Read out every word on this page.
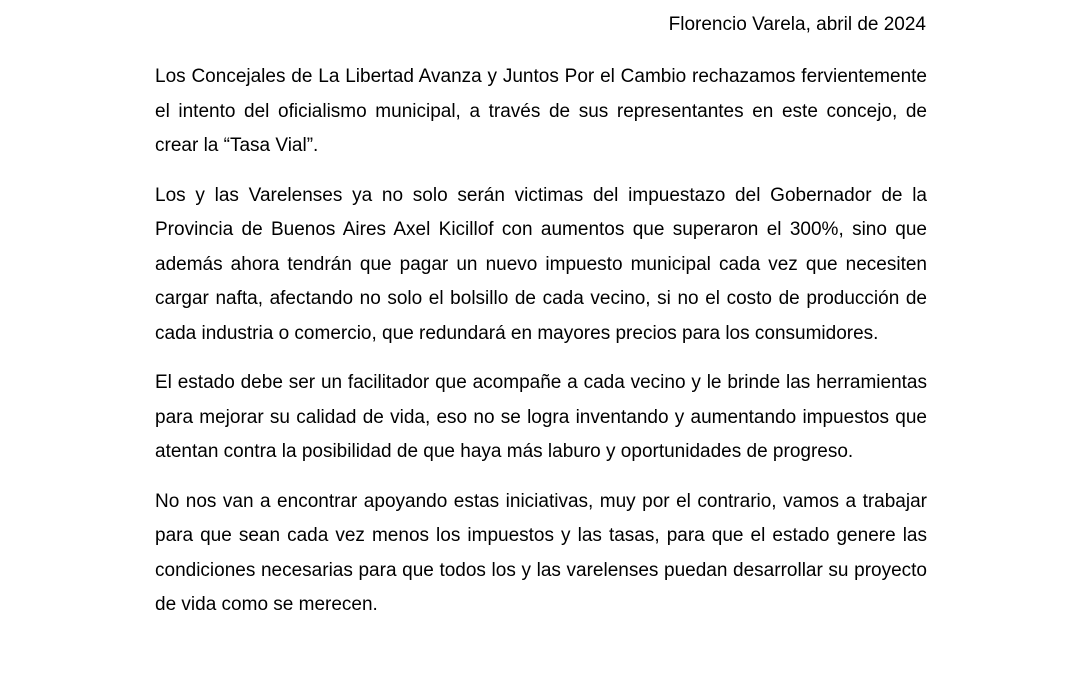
Florencio Varela, abril de 2024

Los Concejales de La Libertad Avanza y Juntos Por el Cambio rechazamos fervientemente el intento del oficialismo municipal, a través de sus representantes en este concejo, de crear la “Tasa Vial”.

Los y las Varelenses ya no solo serán victimas del impuestazo del Gobernador de la Provincia de Buenos Aires Axel Kicillof con aumentos que superaron el 300%, sino que además ahora tendrán que pagar un nuevo impuesto municipal cada vez que necesiten cargar nafta, afectando no solo el bolsillo de cada vecino, si no el costo de producción de cada industria o comercio, que redundará en mayores precios para los consumidores.

El estado debe ser un facilitador que acompañe a cada vecino y le brinde las herramientas para mejorar su calidad de vida, eso no se logra inventando y aumentando impuestos que atentan contra la posibilidad de que haya más laburo y oportunidades de progreso.

No nos van a encontrar apoyando estas iniciativas, muy por el contrario, vamos a trabajar para que sean cada vez menos los impuestos y las tasas, para que el estado genere las condiciones necesarias para que todos los y las varelenses puedan desarrollar su proyecto de vida como se merecen.
